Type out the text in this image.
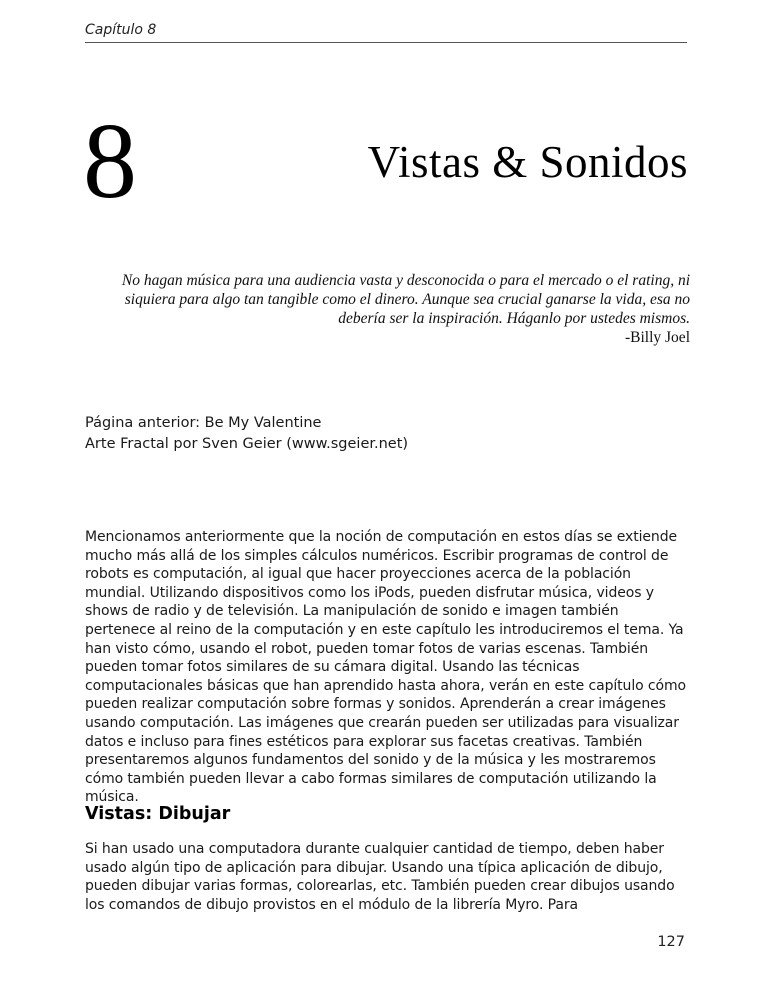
Capítulo 8
8	Vistas & Sonidos
No hagan música para una audiencia vasta y desconocida o para el mercado o el rating, ni siquiera para algo tan tangible como el dinero. Aunque sea crucial ganarse la vida, esa no debería ser la inspiración. Háganlo por ustedes mismos.
-Billy Joel
Página anterior: Be My Valentine
Arte Fractal por Sven Geier (www.sgeier.net)
Mencionamos anteriormente que la noción de computación en estos días se extiende mucho más allá de los simples cálculos numéricos. Escribir programas de control de robots es computación, al igual que hacer proyecciones acerca de la población mundial. Utilizando dispositivos como los iPods, pueden disfrutar música, videos y shows de radio y de televisión. La manipulación de sonido e imagen también pertenece al reino de la computación y en este capítulo les introduciremos el tema. Ya han visto cómo, usando el robot, pueden tomar fotos de varias escenas. También pueden tomar fotos similares de su cámara digital. Usando las técnicas computacionales básicas que han aprendido hasta ahora, verán en este capítulo cómo pueden realizar computación sobre formas y sonidos. Aprenderán a crear imágenes usando computación. Las imágenes que crearán pueden ser utilizadas para visualizar datos e incluso para fines estéticos para explorar sus facetas creativas. También presentaremos algunos fundamentos del sonido y de la música y les mostraremos cómo también pueden llevar a cabo formas similares de computación utilizando la música.
Vistas: Dibujar
Si han usado una computadora durante cualquier cantidad de tiempo, deben haber usado algún tipo de aplicación para dibujar. Usando una típica aplicación de dibujo, pueden dibujar varias formas, colorearlas, etc. También pueden crear dibujos usando los comandos de dibujo provistos en el módulo de la librería Myro. Para
127
